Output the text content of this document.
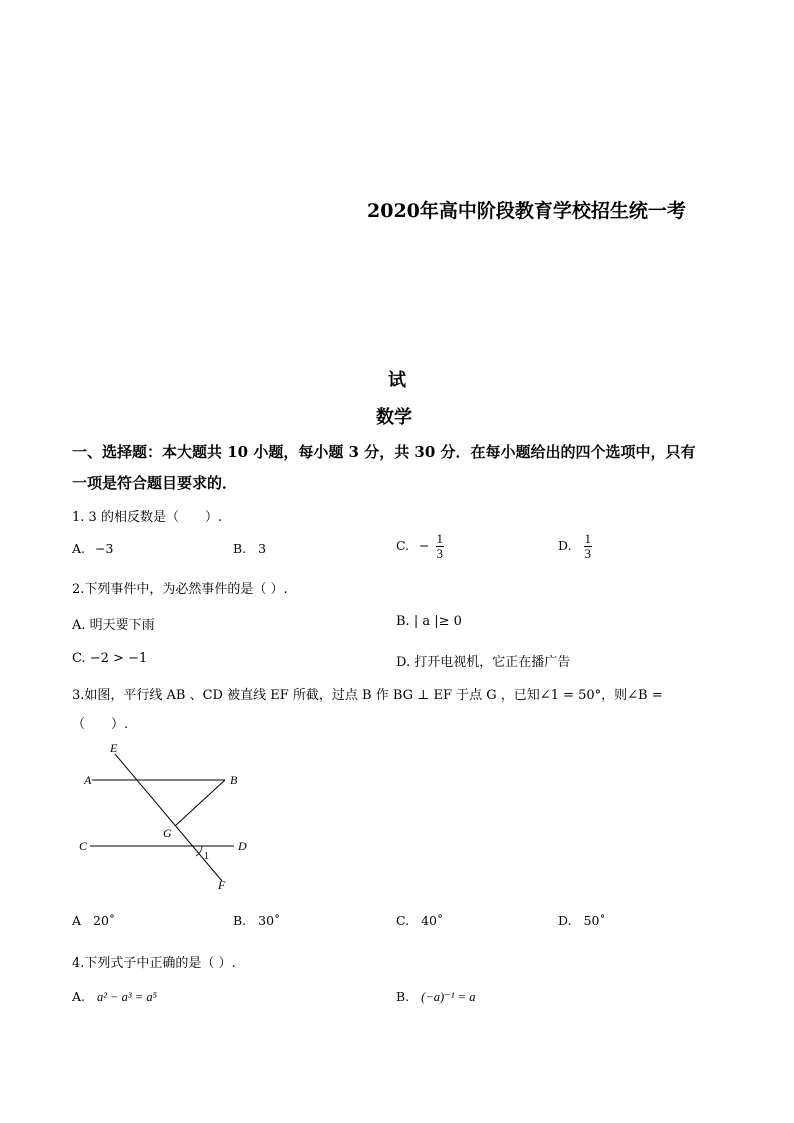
2020年高中阶段教育学校招生统一考
试
数学
一、选择题：本大题共 10 小题，每小题 3 分，共 30 分．在每小题给出的四个选项中，只有
一项是符合题目要求的．
1. 3 的相反数是（　　）.
A. −3	B. 3	C. − $\frac{1}{3}$	D. $\frac{1}{3}$
2.下列事件中，为必然事件的是（ ）.
A. 明天要下雨	B. | a |≥ 0
C. −2 > −1	D. 打开电视机，它正在播广告
3.如图，平行线 AB 、CD 被直线 EF 所截，过点 B 作 BG ⊥ EF 于点 G ，已知∠1 = 50°，则∠B =
（　　）.
E
A	B
G
C	D
1
F
A 20˚	B. 30˚	C. 40˚	D. 50˚
4.下列式子中正确的是（ ）.
A. a² − a³ = a⁵	B. (−a)⁻¹ = a
